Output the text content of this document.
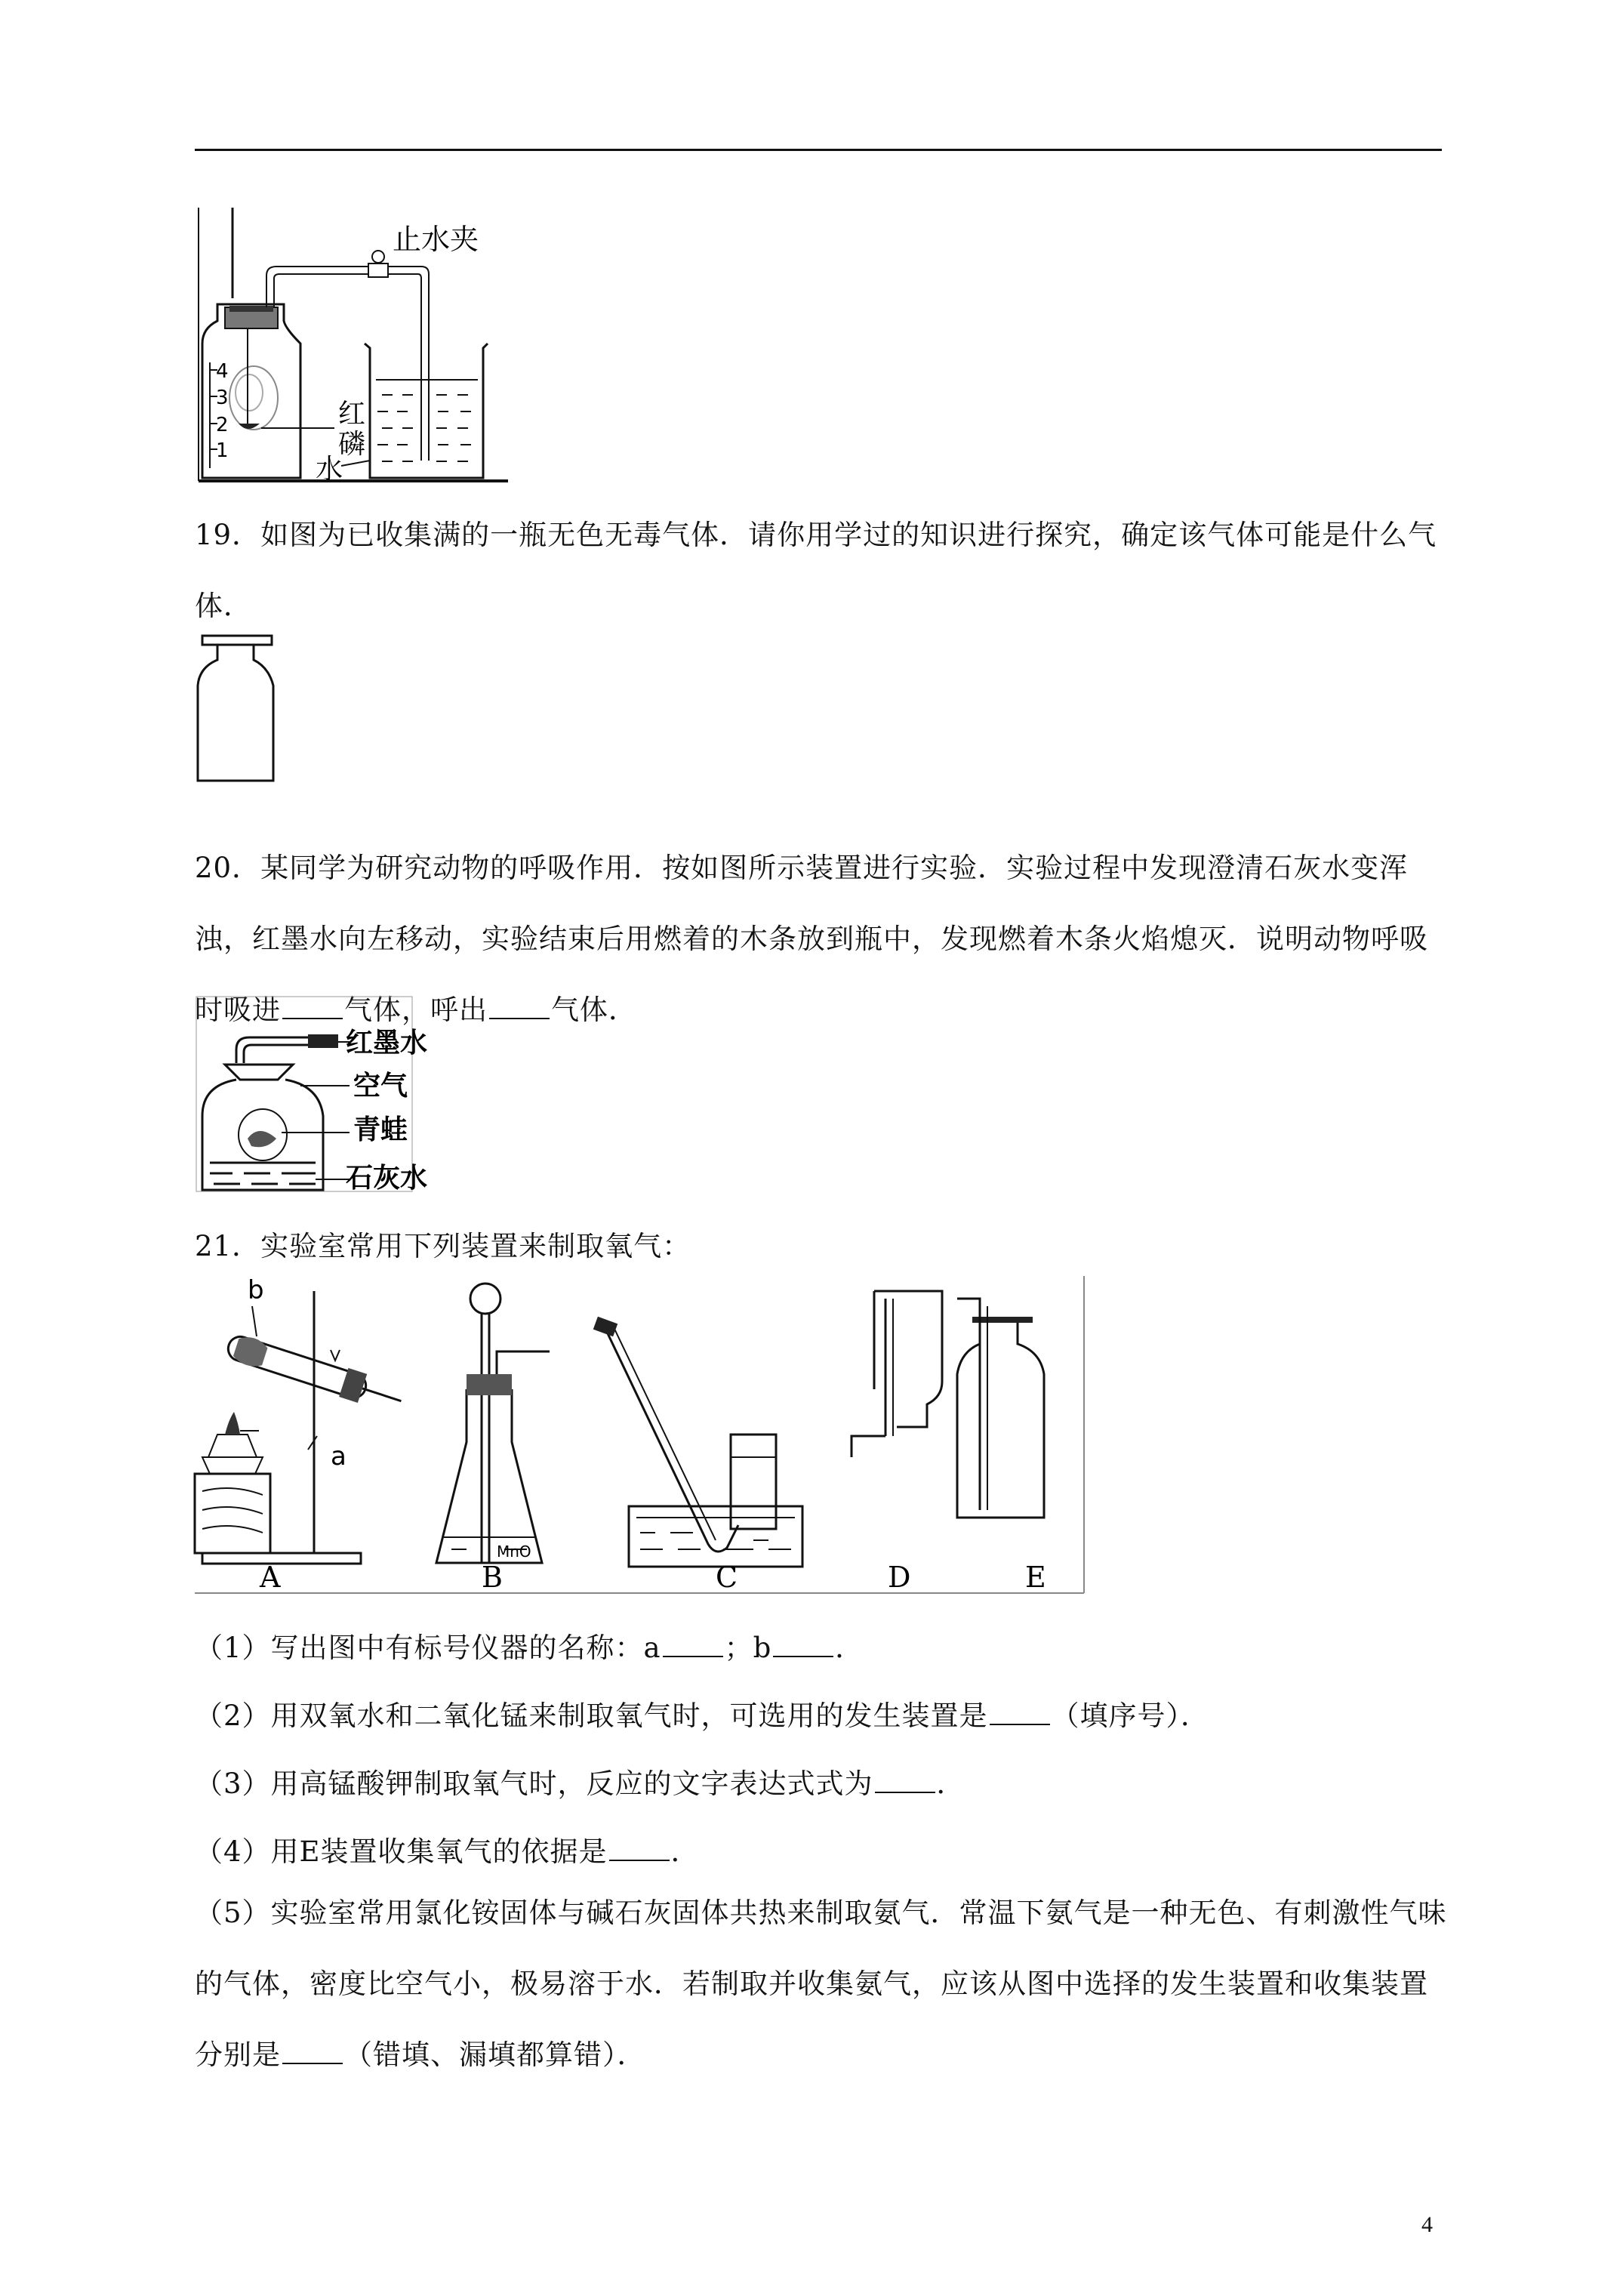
止水夹
红
磷
水
4
3
2
1
19．如图为已收集满的一瓶无色无毒气体．请你用学过的知识进行探究，确定该气体可能是什么气体．
20．某同学为研究动物的呼吸作用．按如图所示装置进行实验．实验过程中发现澄清石灰水变浑浊，红墨水向左移动，实验结束后用燃着的木条放到瓶中，发现燃着木条火焰熄灭．说明动物呼吸时吸进 气体，呼出 气体．
红墨水
空气
青蛙
石灰水
21．实验室常用下列装置来制取氧气：
a
b
MnO
A	B	C	D	E
（1）写出图中有标号仪器的名称：a ；b ．
（2）用双氧水和二氧化锰来制取氧气时，可选用的发生装置是 （填序号）．
（3）用高锰酸钾制取氧气时，反应的文字表达式式为 ．
（4）用E装置收集氧气的依据是 ．
（5）实验室常用氯化铵固体与碱石灰固体共热来制取氨气．常温下氨气是一种无色、有刺激性气味的气体，密度比空气小，极易溶于水．若制取并收集氨气，应该从图中选择的发生装置和收集装置分别是 （错填、漏填都算错）．
4
